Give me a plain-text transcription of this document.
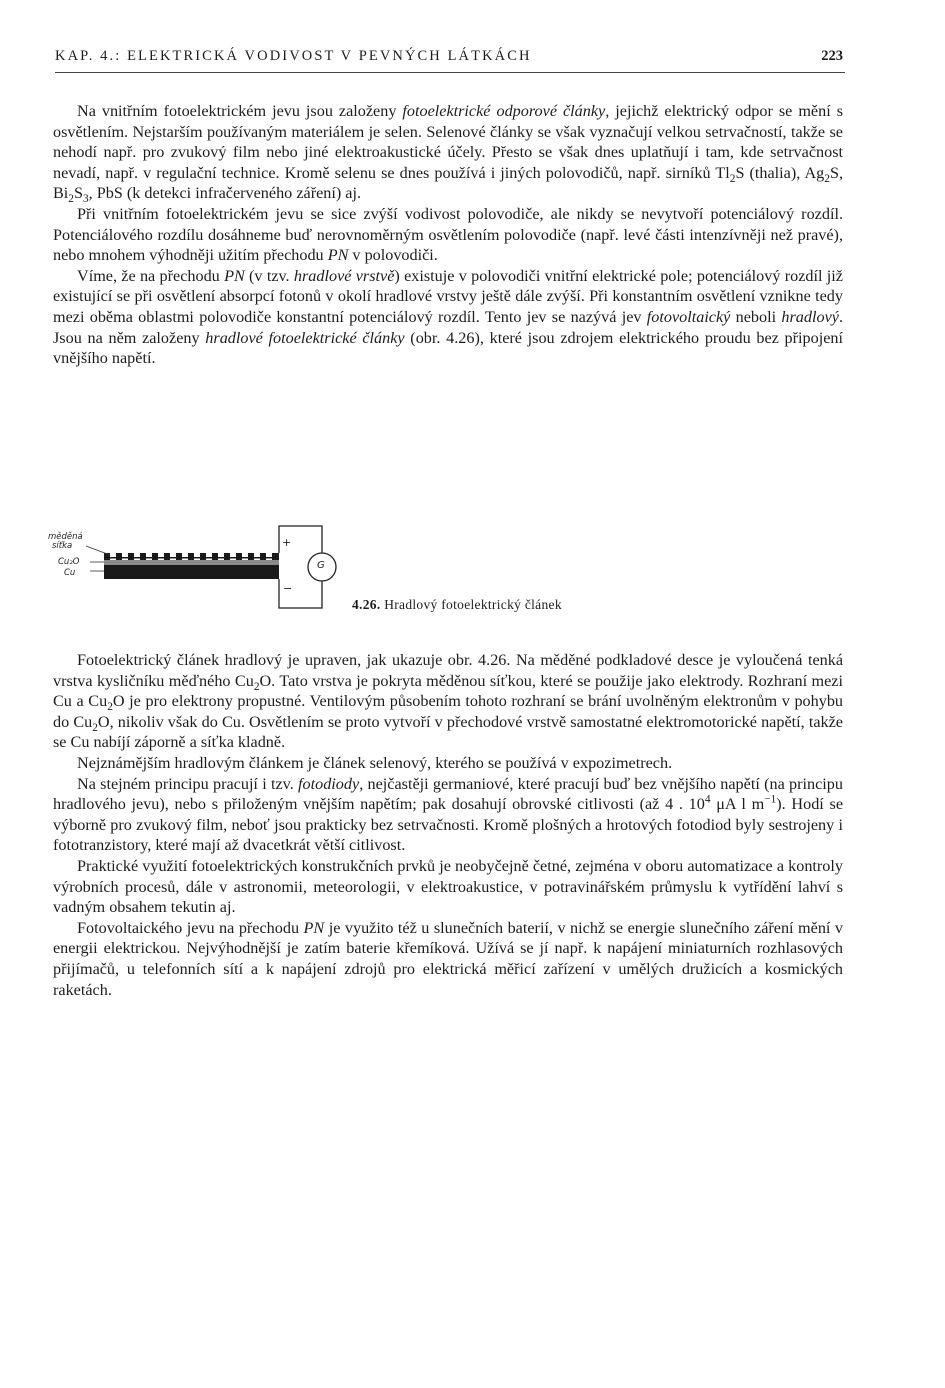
KAP. 4.: ELEKTRICKÁ VODIVOST V PEVNÝCH LÁTKÁCH	223

Na vnitřním fotoelektrickém jevu jsou založeny fotoelektrické odporové články, jejichž elektrický odpor se mění s osvětlením. Nejstarším používaným materiálem je selen. Selenové články se však vyznačují velkou setrvačností, takže se nehodí např. pro zvukový film nebo jiné elektroakustické účely. Přesto se však dnes uplatňují i tam, kde setrvačnost nevadí, např. v regulační technice. Kromě selenu se dnes používá i jiných polovodičů, např. sirníků $Tl_2S$ (thalia), $Ag_2S$, $Bi_2S_3$, PbS (k detekci infračerveného záření) aj.

Při vnitřním fotoelektrickém jevu se sice zvýší vodivost polovodiče, ale nikdy se nevytvoří potenciálový rozdíl. Potenciálového rozdílu dosáhneme buď nerovnoměrným osvětlením polovodiče (např. levé části intenzívněji než pravé), nebo mnohem výhodněji užitím přechodu PN v polovodiči.

Víme, že na přechodu PN (v tzv. hradlové vrstvě) existuje v polovodiči vnitřní elektrické pole; potenciálový rozdíl již existující se při osvětlení absorpcí fotonů v okolí hradlové vrstvy ještě dále zvýší. Při konstantním osvětlení vznikne tedy mezi oběma oblastmi polovodiče konstantní potenciálový rozdíl. Tento jev se nazývá jev fotovoltaický neboli hradlový. Jsou na něm založeny hradlové fotoelektrické články (obr. 4.26), které jsou zdrojem elektrického proudu bez připojení vnějšího napětí.

měděná
síťka
Cu₂O
Cu
+
−
G
4.26. Hradlový fotoelektrický článek

Fotoelektrický článek hradlový je upraven, jak ukazuje obr. 4.26. Na měděné podkladové desce je vyloučená tenká vrstva kysličníku měďného $Cu_2O$. Tato vrstva je pokryta měděnou síťkou, které se použije jako elektrody. Rozhraní mezi Cu a $Cu_2O$ je pro elektrony propustné. Ventilovým působením tohoto rozhraní se brání uvolněným elektronům v pohybu do $Cu_2O$, nikoliv však do Cu. Osvětlením se proto vytvoří v přechodové vrstvě samostatné elektromotorické napětí, takže se Cu nabíjí záporně a síťka kladně.

Nejznámějším hradlovým článkem je článek selenový, kterého se používá v expozimetrech.

Na stejném principu pracují i tzv. fotodiody, nejčastěji germaniové, které pracují buď bez vnějšího napětí (na principu hradlového jevu), nebo s přiloženým vnějším napětím; pak dosahují obrovské citlivosti (až 4 . $10^4$ μA l $m^{-1}$). Hodí se výborně pro zvukový film, neboť jsou prakticky bez setrvačnosti. Kromě plošných a hrotových fotodiod byly sestrojeny i fototranzistory, které mají až dvacetkrát větší citlivost.

Praktické využití fotoelektrických konstrukčních prvků je neobyčejně četné, zejména v oboru automatizace a kontroly výrobních procesů, dále v astronomii, meteorologii, v elektroakustice, v potravinářském průmyslu k vytřídění lahví s vadným obsahem tekutin aj.

Fotovoltaického jevu na přechodu PN je využito též u slunečních baterií, v nichž se energie slunečního záření mění v energii elektrickou. Nejvýhodnější je zatím baterie křemíková. Užívá se jí např. k napájení miniaturních rozhlasových přijímačů, u telefonních sítí a k napájení zdrojů pro elektrická měřicí zařízení v umělých družicích a kosmických raketách.
